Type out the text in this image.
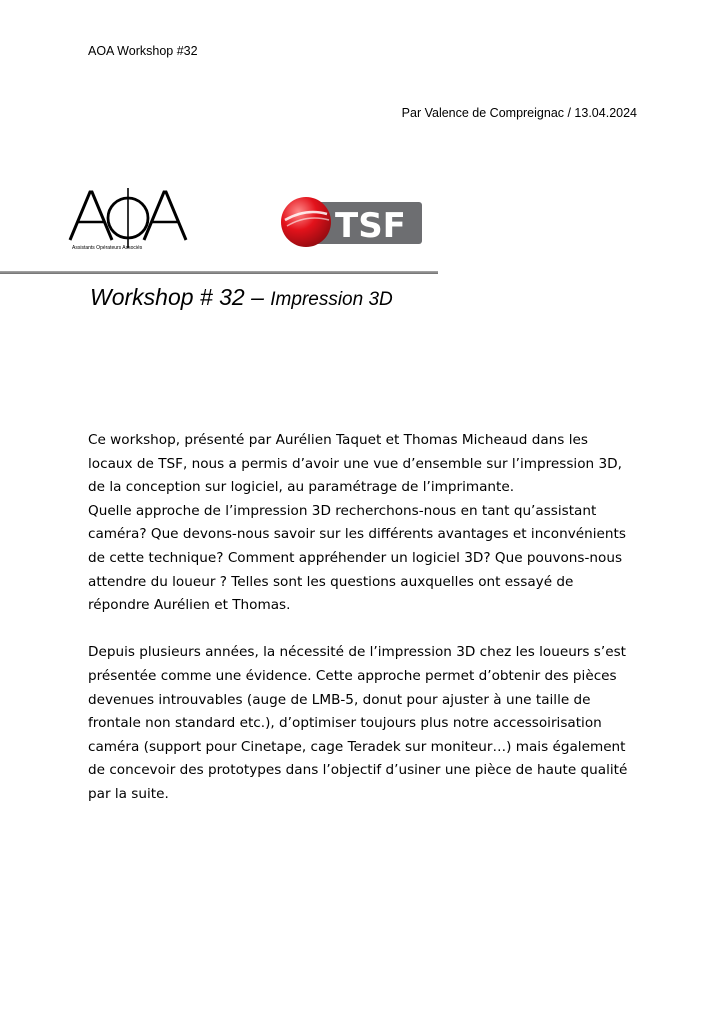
AOA Workshop #32
Par Valence de Compreignac / 13.04.2024
Assistants Opérateurs Associés
TSF
Workshop # 32 – Impression 3D

Ce workshop, présenté par Aurélien Taquet et Thomas Micheaud dans les
locaux de TSF, nous a permis d’avoir une vue d’ensemble sur l’impression 3D,
de la conception sur logiciel, au paramétrage de l’imprimante.
Quelle approche de l’impression 3D recherchons-nous en tant qu’assistant
caméra? Que devons-nous savoir sur les différents avantages et inconvénients
de cette technique? Comment appréhender un logiciel 3D? Que pouvons-nous
attendre du loueur ? Telles sont les questions auxquelles ont essayé de
répondre Aurélien et Thomas.

Depuis plusieurs années, la nécessité de l’impression 3D chez les loueurs s’est
présentée comme une évidence. Cette approche permet d’obtenir des pièces
devenues introuvables (auge de LMB-5, donut pour ajuster à une taille de
frontale non standard etc.), d’optimiser toujours plus notre accessoirisation
caméra (support pour Cinetape, cage Teradek sur moniteur…) mais également
de concevoir des prototypes dans l’objectif d’usiner une pièce de haute qualité
par la suite.
